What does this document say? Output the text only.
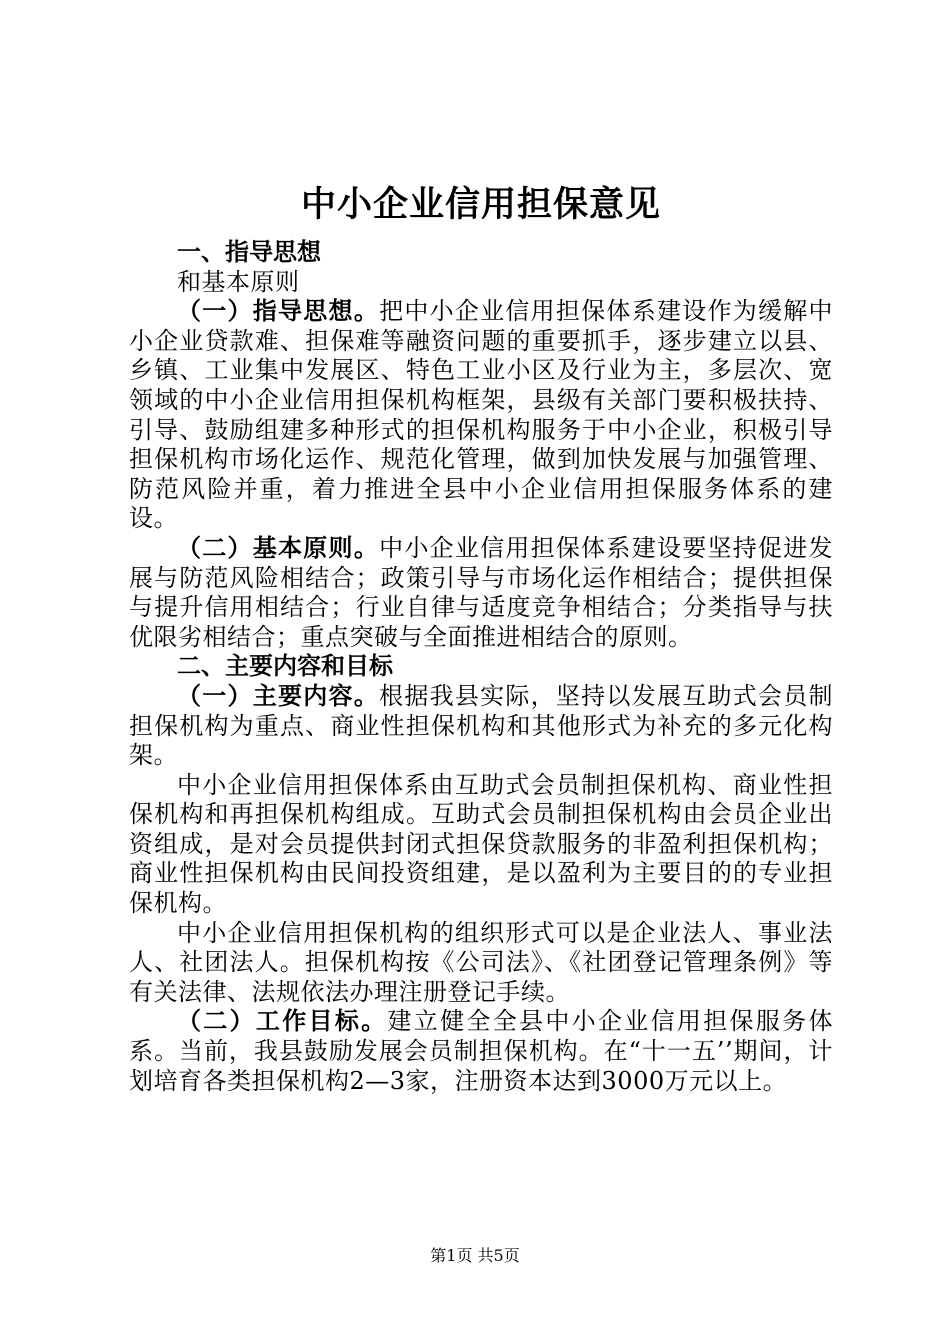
中小企业信用担保意见

一、指导思想

和基本原则

（一）指导思想。把中小企业信用担保体系建设作为缓解中小企业贷款难、担保难等融资问题的重要抓手，逐步建立以县、乡镇、工业集中发展区、特色工业小区及行业为主，多层次、宽领域的中小企业信用担保机构框架，县级有关部门要积极扶持、引导、鼓励组建多种形式的担保机构服务于中小企业，积极引导担保机构市场化运作、规范化管理，做到加快发展与加强管理、防范风险并重，着力推进全县中小企业信用担保服务体系的建设。

（二）基本原则。中小企业信用担保体系建设要坚持促进发展与防范风险相结合；政策引导与市场化运作相结合；提供担保与提升信用相结合；行业自律与适度竞争相结合；分类指导与扶优限劣相结合；重点突破与全面推进相结合的原则。

二、主要内容和目标

（一）主要内容。根据我县实际，坚持以发展互助式会员制担保机构为重点、商业性担保机构和其他形式为补充的多元化构架。

中小企业信用担保体系由互助式会员制担保机构、商业性担保机构和再担保机构组成。互助式会员制担保机构由会员企业出资组成，是对会员提供封闭式担保贷款服务的非盈利担保机构；商业性担保机构由民间投资组建，是以盈利为主要目的的专业担保机构。

中小企业信用担保机构的组织形式可以是企业法人、事业法人、社团法人。担保机构按《公司法》、《社团登记管理条例》等有关法律、法规依法办理注册登记手续。

（二）工作目标。建立健全全县中小企业信用担保服务体系。当前，我县鼓励发展会员制担保机构。在“十一五’’期间，计划培育各类担保机构2—3家，注册资本达到3000万元以上。

第1页 共5页
